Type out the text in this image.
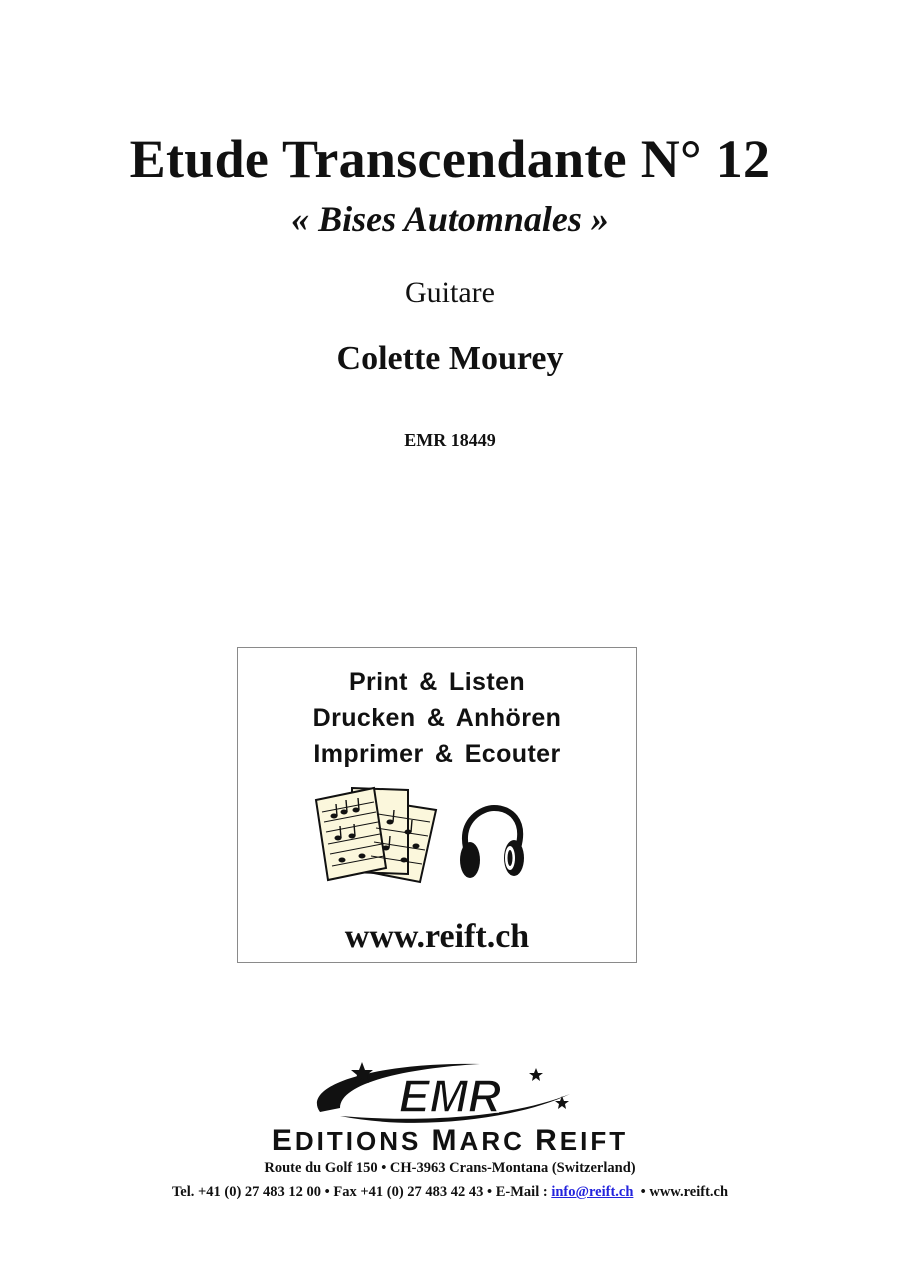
Etude Transcendante N° 12
« Bises Automnales »
Guitare
Colette Mourey
EMR 18449
Print & Listen
Drucken & Anhören
Imprimer & Ecouter
www.reift.ch
EMR
EDITIONS MARC REIFT
Route du Golf 150 • CH-3963 Crans-Montana (Switzerland)
Tel. +41 (0) 27 483 12 00 • Fax +41 (0) 27 483 42 43 • E-Mail : info@reift.ch  • www.reift.ch
